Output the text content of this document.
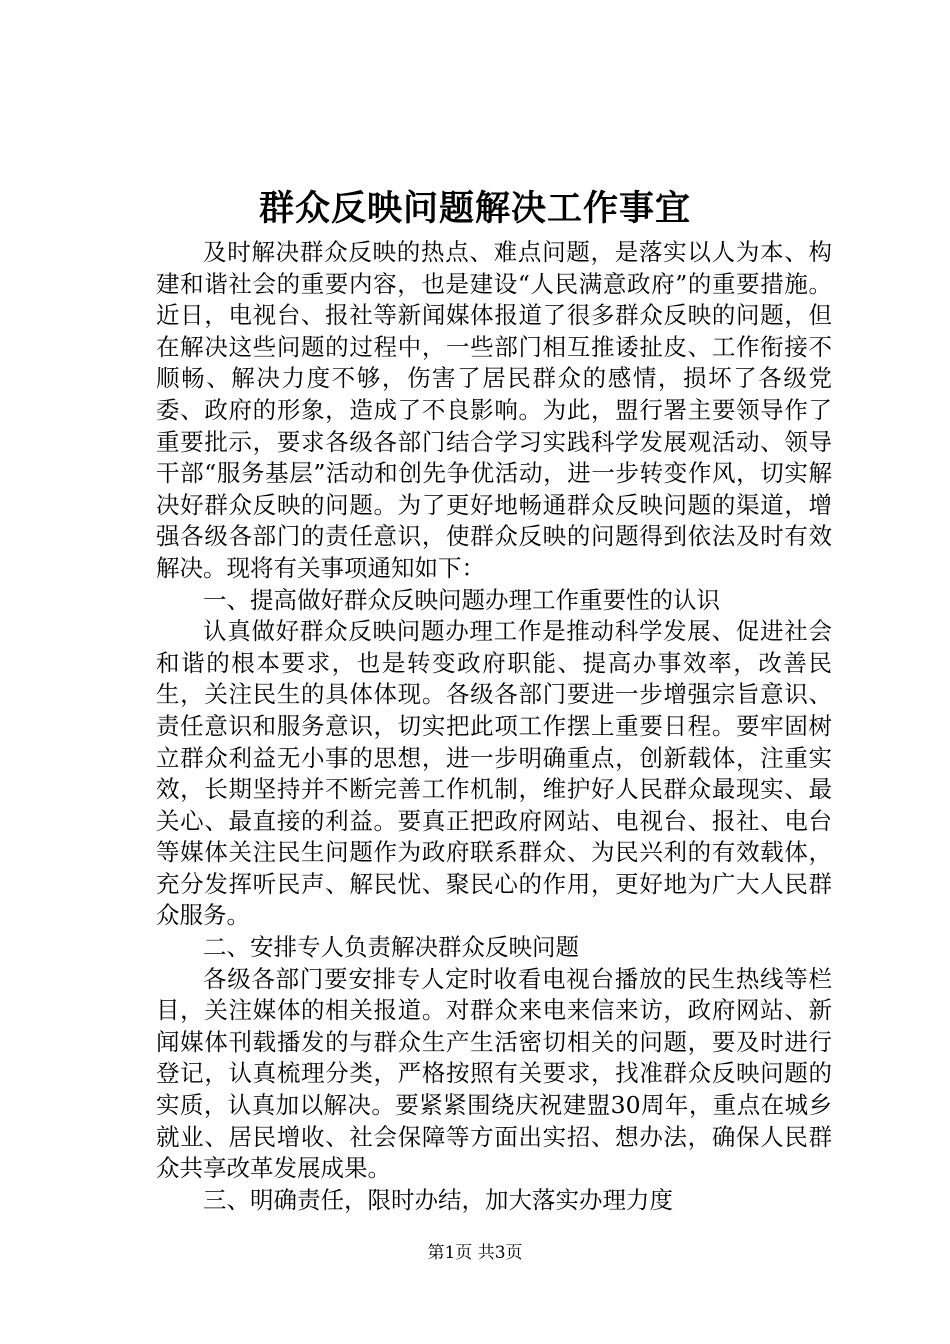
群众反映问题解决工作事宜

及时解决群众反映的热点、难点问题，是落实以人为本、构建和谐社会的重要内容，也是建设“人民满意政府”的重要措施。近日，电视台、报社等新闻媒体报道了很多群众反映的问题，但在解决这些问题的过程中，一些部门相互推诿扯皮、工作衔接不顺畅、解决力度不够，伤害了居民群众的感情，损坏了各级党委、政府的形象，造成了不良影响。为此，盟行署主要领导作了重要批示，要求各级各部门结合学习实践科学发展观活动、领导干部“服务基层”活动和创先争优活动，进一步转变作风，切实解决好群众反映的问题。为了更好地畅通群众反映问题的渠道，增强各级各部门的责任意识，使群众反映的问题得到依法及时有效解决。现将有关事项通知如下：

一、提高做好群众反映问题办理工作重要性的认识

认真做好群众反映问题办理工作是推动科学发展、促进社会和谐的根本要求，也是转变政府职能、提高办事效率，改善民生，关注民生的具体体现。各级各部门要进一步增强宗旨意识、责任意识和服务意识，切实把此项工作摆上重要日程。要牢固树立群众利益无小事的思想，进一步明确重点，创新载体，注重实效，长期坚持并不断完善工作机制，维护好人民群众最现实、最关心、最直接的利益。要真正把政府网站、电视台、报社、电台等媒体关注民生问题作为政府联系群众、为民兴利的有效载体，充分发挥听民声、解民忧、聚民心的作用，更好地为广大人民群众服务。

二、安排专人负责解决群众反映问题

各级各部门要安排专人定时收看电视台播放的民生热线等栏目，关注媒体的相关报道。对群众来电来信来访，政府网站、新闻媒体刊载播发的与群众生产生活密切相关的问题，要及时进行登记，认真梳理分类，严格按照有关要求，找准群众反映问题的实质，认真加以解决。要紧紧围绕庆祝建盟30周年，重点在城乡就业、居民增收、社会保障等方面出实招、想办法，确保人民群众共享改革发展成果。

三、明确责任，限时办结，加大落实办理力度

第1页 共3页
